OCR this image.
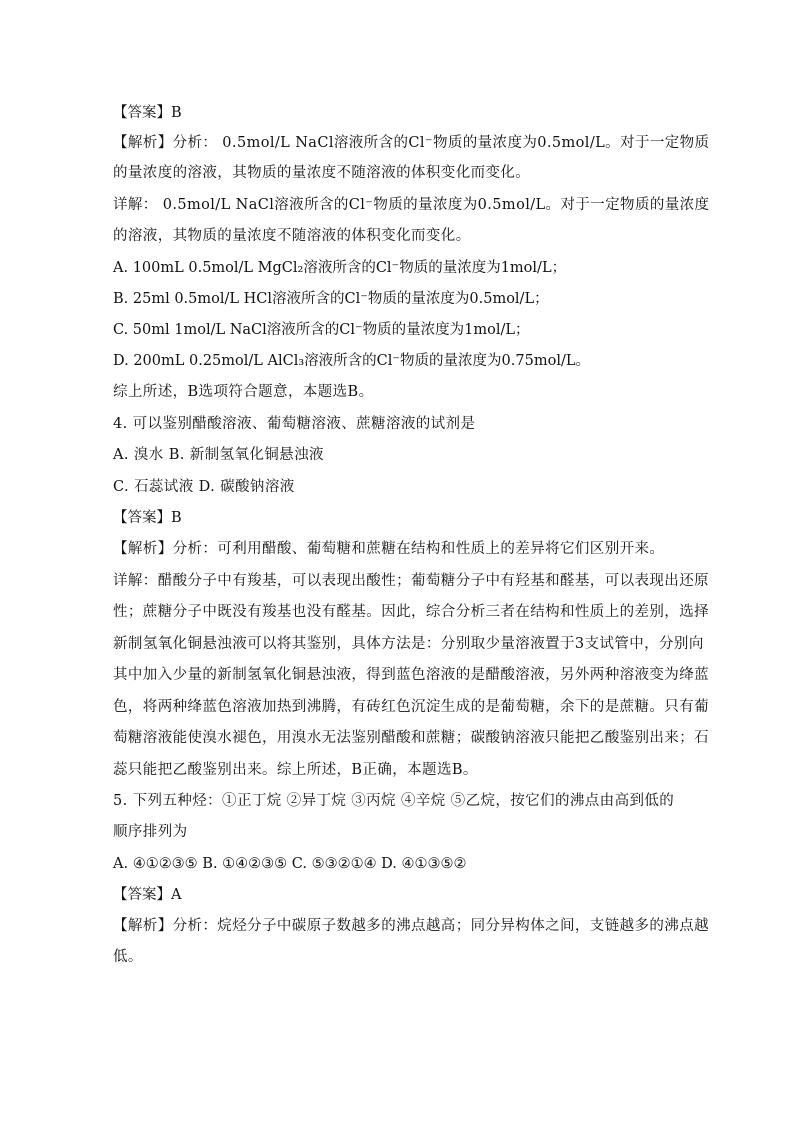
【答案】B
【解析】分析： 0.5mol/L NaCl溶液所含的Cl⁻物质的量浓度为0.5mol/L。对于一定物质
的量浓度的溶液，其物质的量浓度不随溶液的体积变化而变化。
详解： 0.5mol/L NaCl溶液所含的Cl⁻物质的量浓度为0.5mol/L。对于一定物质的量浓度
的溶液，其物质的量浓度不随溶液的体积变化而变化。
A. 100mL 0.5mol/L MgCl₂溶液所含的Cl⁻物质的量浓度为1mol/L；
B. 25ml 0.5mol/L HCl溶液所含的Cl⁻物质的量浓度为0.5mol/L；
C. 50ml 1mol/L NaCl溶液所含的Cl⁻物质的量浓度为1mol/L；
D. 200mL 0.25mol/L AlCl₃溶液所含的Cl⁻物质的量浓度为0.75mol/L。
综上所述，B选项符合题意，本题选B。
4. 可以鉴别醋酸溶液、葡萄糖溶液、蔗糖溶液的试剂是
A. 溴水 B. 新制氢氧化铜悬浊液
C. 石蕊试液 D. 碳酸钠溶液
【答案】B
【解析】分析：可利用醋酸、葡萄糖和蔗糖在结构和性质上的差异将它们区别开来。
详解：醋酸分子中有羧基，可以表现出酸性；葡萄糖分子中有羟基和醛基，可以表现出还原
性；蔗糖分子中既没有羧基也没有醛基。因此，综合分析三者在结构和性质上的差别，选择
新制氢氧化铜悬浊液可以将其鉴别，具体方法是：分别取少量溶液置于3支试管中，分别向
其中加入少量的新制氢氧化铜悬浊液，得到蓝色溶液的是醋酸溶液，另外两种溶液变为绛蓝
色，将两种绛蓝色溶液加热到沸腾，有砖红色沉淀生成的是葡萄糖，余下的是蔗糖。只有葡
萄糖溶液能使溴水褪色，用溴水无法鉴别醋酸和蔗糖；碳酸钠溶液只能把乙酸鉴别出来；石
蕊只能把乙酸鉴别出来。综上所述，B正确，本题选B。
5. 下列五种烃：①正丁烷 ②异丁烷 ③丙烷 ④辛烷 ⑤乙烷，按它们的沸点由高到低的
顺序排列为
A. ④①②③⑤ B. ①④②③⑤ C. ⑤③②①④ D. ④①③⑤②
【答案】A
【解析】分析：烷烃分子中碳原子数越多的沸点越高；同分异构体之间，支链越多的沸点越
低。
